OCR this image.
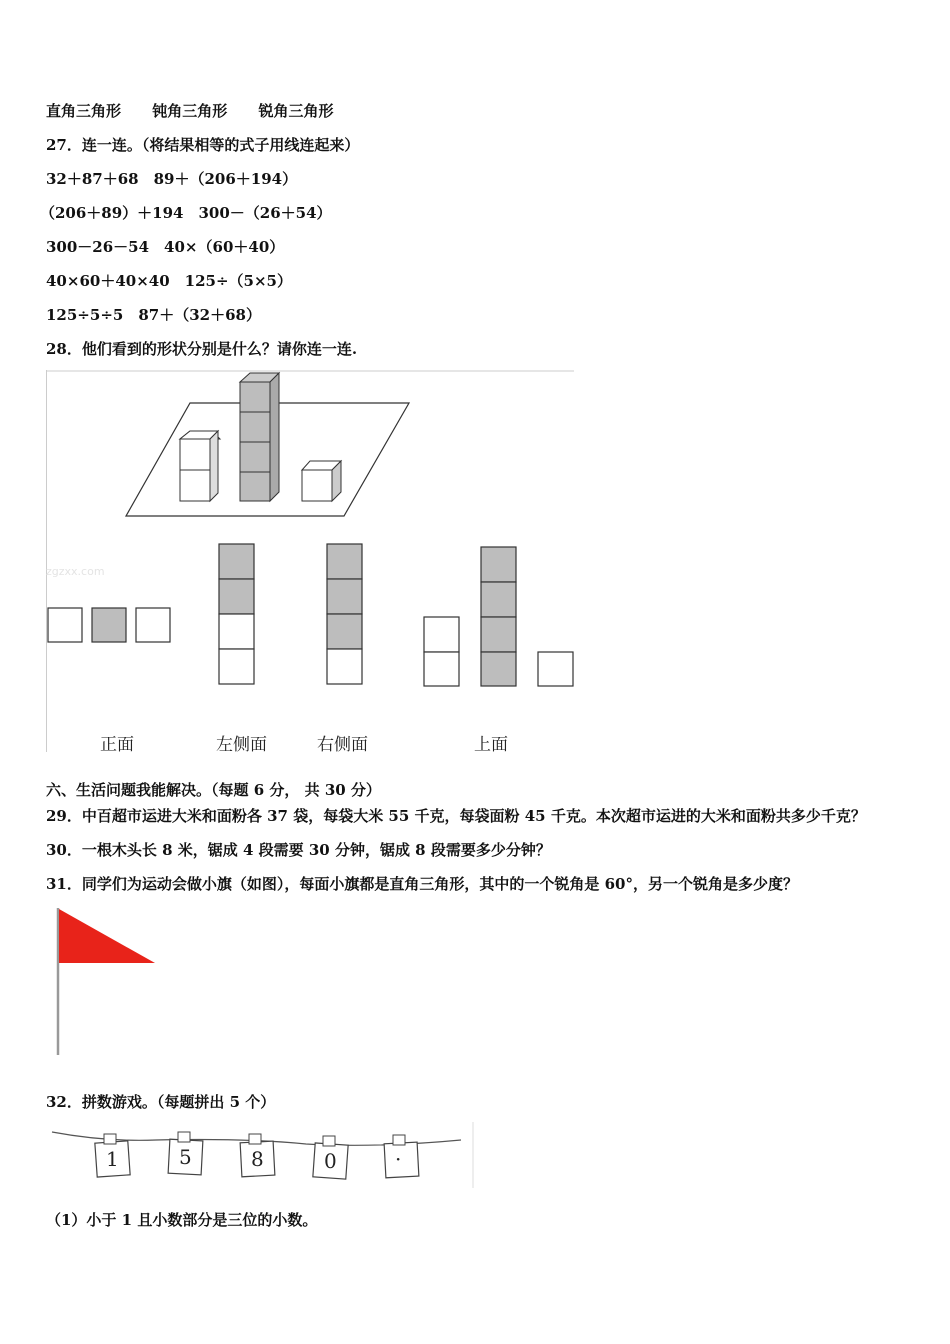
直角三角形 钝角三角形 锐角三角形
27．连一连。（将结果相等的式子用线连起来）
32＋87＋68　89＋（206＋194）
（206＋89）＋194　300－（26＋54）
300－26－54　40×（60＋40）
40×60＋40×40　125÷（5×5）
125÷5÷5　87＋（32＋68）
28．他们看到的形状分别是什么？请你连一连.
zgzxx.com
正面	左侧面	右侧面	上面
六、生活问题我能解决。（每题 6 分， 共 30 分）
29．中百超市运进大米和面粉各 37 袋，每袋大米 55 千克，每袋面粉 45 千克。本次超市运进的大米和面粉共多少千克？
30．一根木头长 8 米，锯成 4 段需要 30 分钟，锯成 8 段需要多少分钟？
31．同学们为运动会做小旗（如图），每面小旗都是直角三角形，其中的一个锐角是 60°，另一个锐角是多少度？
32．拼数游戏。（每题拼出 5 个）
1	5	8	0	·
（1）小于 1 且小数部分是三位的小数。
